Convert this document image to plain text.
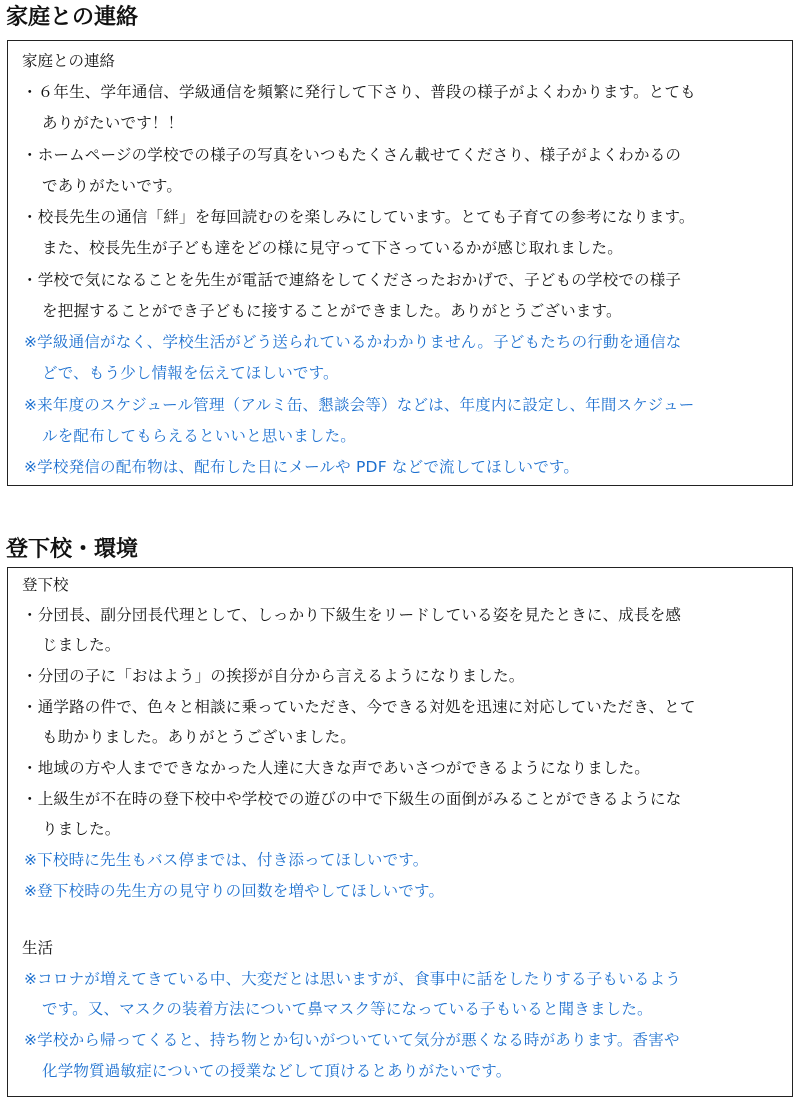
家庭との連絡
家庭との連絡
・６年生、学年通信、学級通信を頻繁に発行して下さり、普段の様子がよくわかります。とても
ありがたいです！！
・ホームページの学校での様子の写真をいつもたくさん載せてくださり、様子がよくわかるの
でありがたいです。
・校長先生の通信「絆」を毎回読むのを楽しみにしています。とても子育ての参考になります。
また、校長先生が子ども達をどの様に見守って下さっているかが感じ取れました。
・学校で気になることを先生が電話で連絡をしてくださったおかげで、子どもの学校での様子
を把握することができ子どもに接することができました。ありがとうございます。
※学級通信がなく、学校生活がどう送られているかわかりません。子どもたちの行動を通信な
どで、もう少し情報を伝えてほしいです。
※来年度のスケジュール管理（アルミ缶、懇談会等）などは、年度内に設定し、年間スケジュー
ルを配布してもらえるといいと思いました。
※学校発信の配布物は、配布した日にメールや PDF などで流してほしいです。
登下校・環境
登下校
・分団長、副分団長代理として、しっかり下級生をリードしている姿を見たときに、成長を感
じました。
・分団の子に「おはよう」の挨拶が自分から言えるようになりました。
・通学路の件で、色々と相談に乗っていただき、今できる対処を迅速に対応していただき、とて
も助かりました。ありがとうございました。
・地域の方や人までできなかった人達に大きな声であいさつができるようになりました。
・上級生が不在時の登下校中や学校での遊びの中で下級生の面倒がみることができるようにな
りました。
※下校時に先生もバス停までは、付き添ってほしいです。
※登下校時の先生方の見守りの回数を増やしてほしいです。
生活
※コロナが増えてきている中、大変だとは思いますが、食事中に話をしたりする子もいるよう
です。又、マスクの装着方法について鼻マスク等になっている子もいると聞きました。
※学校から帰ってくると、持ち物とか匂いがついていて気分が悪くなる時があります。香害や
化学物質過敏症についての授業などして頂けるとありがたいです。
